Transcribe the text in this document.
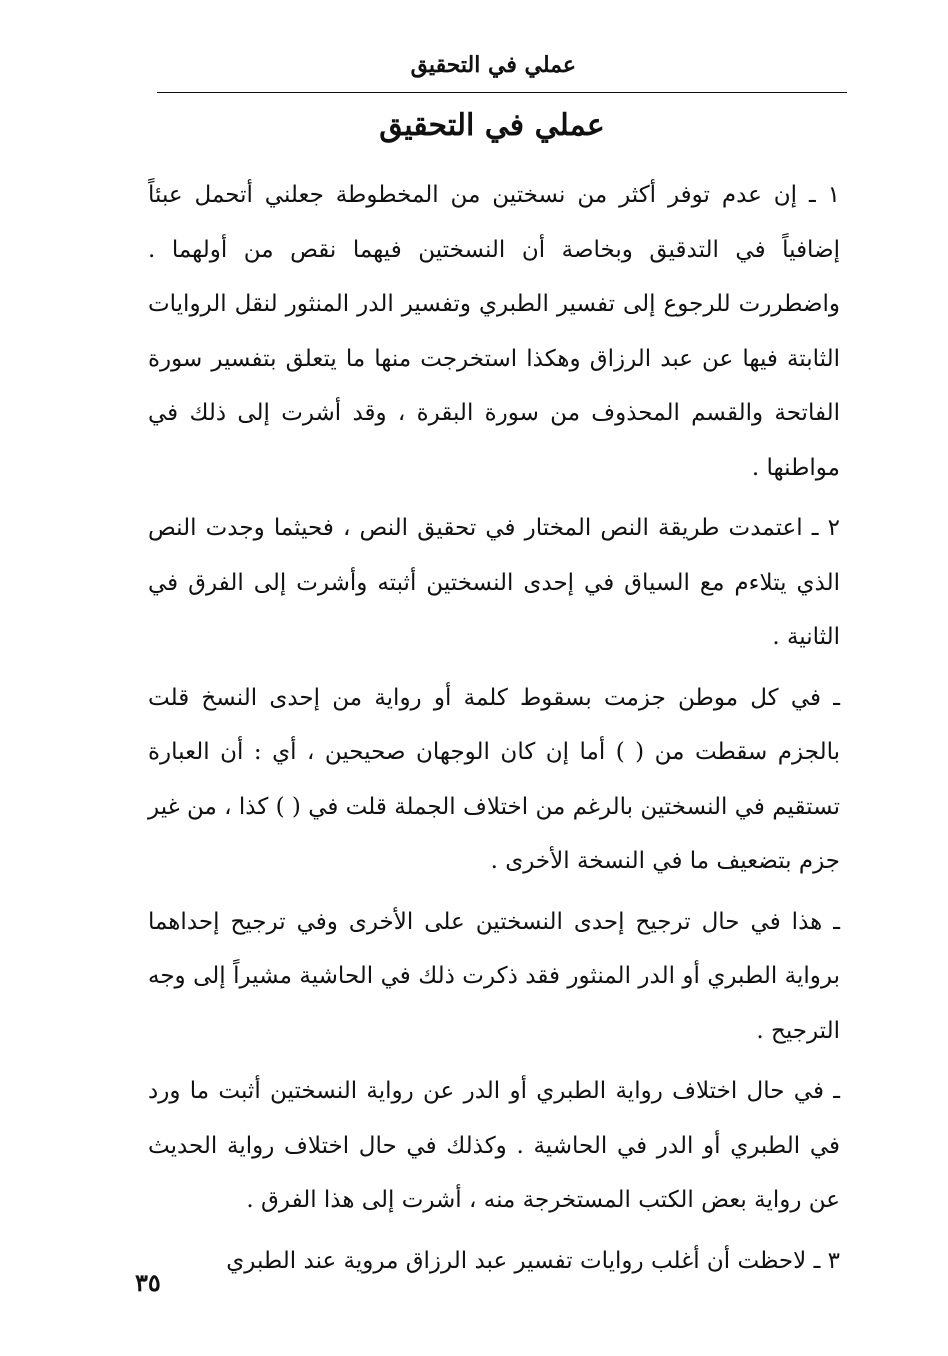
عملي في التحقيق
عملي في التحقيق

١ ـ إن عدم توفر أكثر من نسختين من المخطوطة جعلني أتحمل عبئاً إضافياً في التدقيق وبخاصة أن النسختين فيهما نقص من أولهما . واضطررت للرجوع إلى تفسير الطبري وتفسير الدر المنثور لنقل الروايات الثابتة فيها عن عبد الرزاق وهكذا استخرجت منها ما يتعلق بتفسير سورة الفاتحة والقسم المحذوف من سورة البقرة ، وقد أشرت إلى ذلك في مواطنها .

٢ ـ اعتمدت طريقة النص المختار في تحقيق النص ، فحيثما وجدت النص الذي يتلاءم مع السياق في إحدى النسختين أثبته وأشرت إلى الفرق في الثانية .

ـ في كل موطن جزمت بسقوط كلمة أو رواية من إحدى النسخ قلت بالجزم سقطت من ( ) أما إن كان الوجهان صحيحين ، أي : أن العبارة تستقيم في النسختين بالرغم من اختلاف الجملة قلت في ( ) كذا ، من غير جزم بتضعيف ما في النسخة الأخرى .

ـ هذا في حال ترجيح إحدى النسختين على الأخرى وفي ترجيح إحداهما برواية الطبري أو الدر المنثور فقد ذكرت ذلك في الحاشية مشيراً إلى وجه الترجيح .

ـ في حال اختلاف رواية الطبري أو الدر عن رواية النسختين أثبت ما ورد في الطبري أو الدر في الحاشية . وكذلك في حال اختلاف رواية الحديث عن رواية بعض الكتب المستخرجة منه ، أشرت إلى هذا الفرق .

٣ ـ لاحظت أن أغلب روايات تفسير عبد الرزاق مروية عند الطبري

٣٥
